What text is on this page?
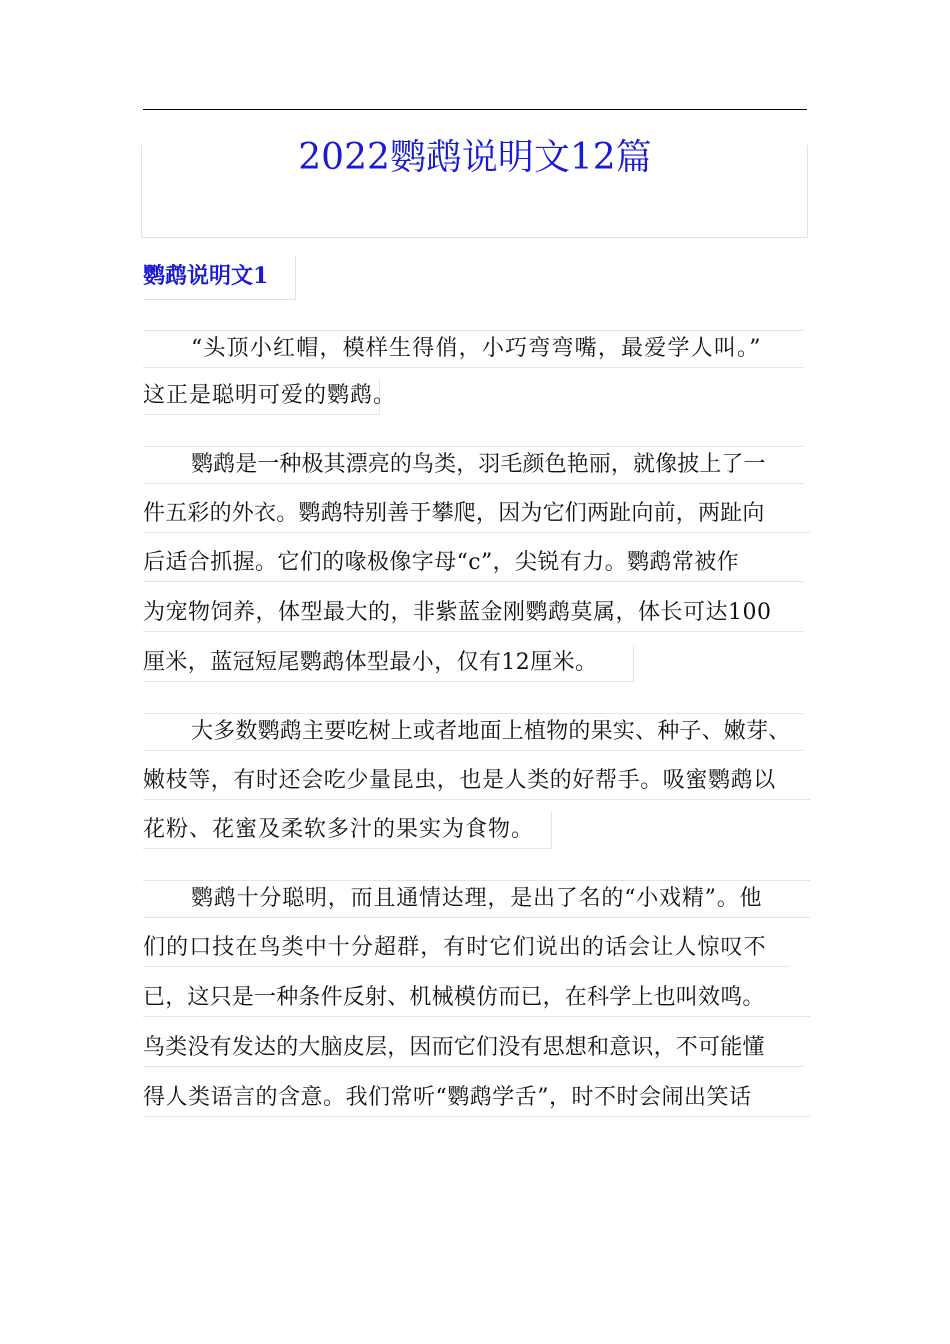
2022鹦鹉说明文12篇
鹦鹉说明文1
“头顶小红帽，模样生得俏，小巧弯弯嘴，最爱学人叫。”
这正是聪明可爱的鹦鹉。
鹦鹉是一种极其漂亮的鸟类，羽毛颜色艳丽，就像披上了一
件五彩的外衣。鹦鹉特别善于攀爬，因为它们两趾向前，两趾向
后适合抓握。它们的喙极像字母“c”，尖锐有力。鹦鹉常被作
为宠物饲养，体型最大的，非紫蓝金刚鹦鹉莫属，体长可达100
厘米，蓝冠短尾鹦鹉体型最小，仅有12厘米。
大多数鹦鹉主要吃树上或者地面上植物的果实、种子、嫩芽、
嫩枝等，有时还会吃少量昆虫，也是人类的好帮手。吸蜜鹦鹉以
花粉、花蜜及柔软多汁的果实为食物。
鹦鹉十分聪明，而且通情达理，是出了名的“小戏精”。他
们的口技在鸟类中十分超群，有时它们说出的话会让人惊叹不
已，这只是一种条件反射、机械模仿而已，在科学上也叫效鸣。
鸟类没有发达的大脑皮层，因而它们没有思想和意识，不可能懂
得人类语言的含意。我们常听“鹦鹉学舌”，时不时会闹出笑话
